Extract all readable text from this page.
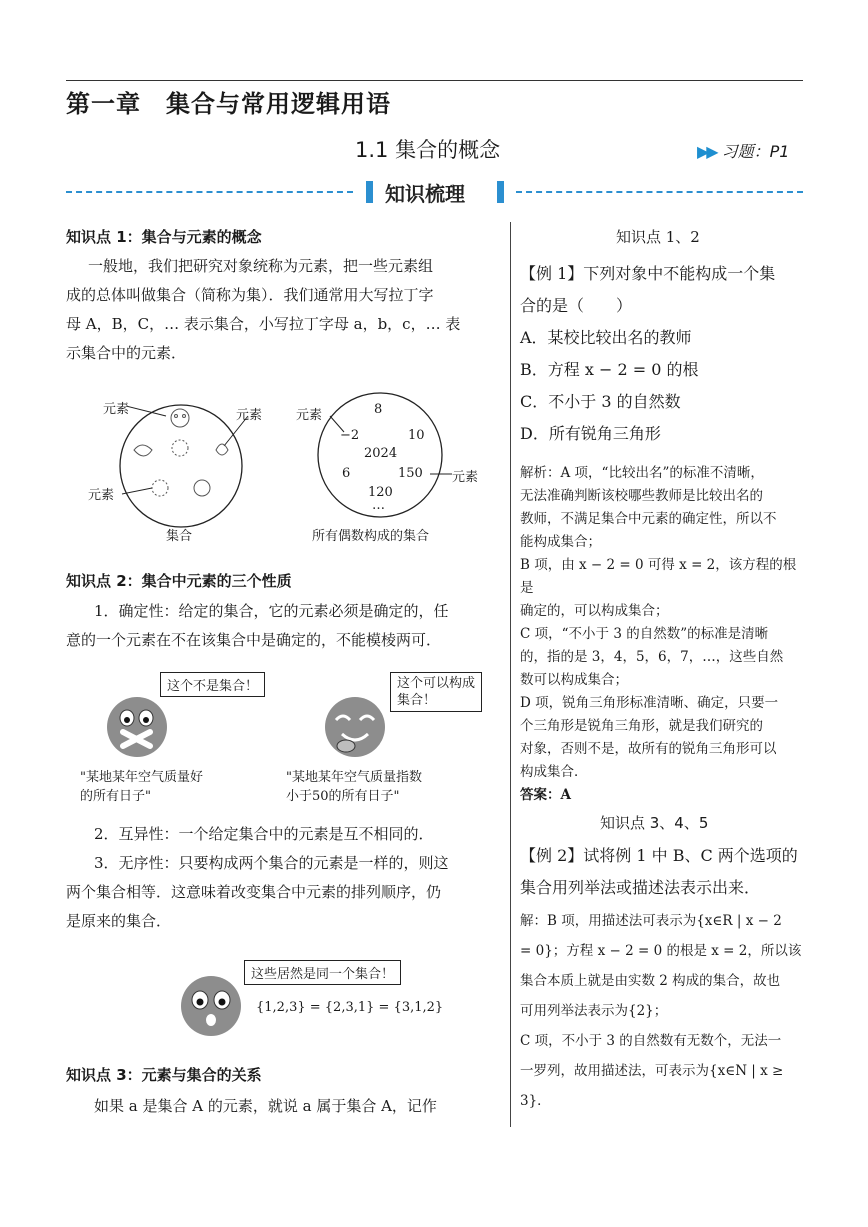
第一章　集合与常用逻辑用语
1.1 集合的概念	▶▶ 习题：P1
知识梳理
知识点 1：集合与元素的概念
一般地，我们把研究对象统称为元素，把一些元素组
成的总体叫做集合（简称为集）．我们通常用大写拉丁字
母 A，B，C，… 表示集合，小写拉丁字母 a，b，c，… 表
示集合中的元素．
元素	元素
元素
集合
元素
元素
8
−2	10
2024
6	150
120
…
所有偶数构成的集合
知识点 2：集合中元素的三个性质
1．确定性：给定的集合，它的元素必须是确定的，任
意的一个元素在不在该集合中是确定的，不能模棱两可．
这个不是集合！
"某地某年空气质量好
的所有日子"
这个可以构成
集合！
"某地某年空气质量指数
小于50的所有日子"
2．互异性：一个给定集合中的元素是互不相同的．
3．无序性：只要构成两个集合的元素是一样的，则这
两个集合相等．这意味着改变集合中元素的排列顺序，仍
是原来的集合．
这些居然是同一个集合！
{1,2,3} = {2,3,1} = {3,1,2}
知识点 3：元素与集合的关系
如果 a 是集合 A 的元素，就说 a 属于集合 A，记作
知识点 1、2
【例 1】下列对象中不能构成一个集
合的是（　　）
A．某校比较出名的教师
B．方程 x − 2 = 0 的根
C．不小于 3 的自然数
D．所有锐角三角形
解析：A 项，“比较出名”的标准不清晰，
无法准确判断该校哪些教师是比较出名的
教师，不满足集合中元素的确定性，所以不
能构成集合；
B 项，由 x − 2 = 0 可得 x = 2，该方程的根是
确定的，可以构成集合；
C 项，“不小于 3 的自然数”的标准是清晰
的，指的是 3，4，5，6，7，…，这些自然
数可以构成集合；
D 项，锐角三角形标准清晰、确定，只要一
个三角形是锐角三角形，就是我们研究的
对象，否则不是，故所有的锐角三角形可以
构成集合．
答案：A
知识点 3、4、5
【例 2】试将例 1 中 B、C 两个选项的
集合用列举法或描述法表示出来．
解：B 项，用描述法可表示为{x∈R | x − 2
= 0}；方程 x − 2 = 0 的根是 x = 2，所以该
集合本质上就是由实数 2 构成的集合，故也
可用列举法表示为{2}；
C 项，不小于 3 的自然数有无数个，无法一
一罗列，故用描述法，可表示为{x∈N | x ≥
3}．
